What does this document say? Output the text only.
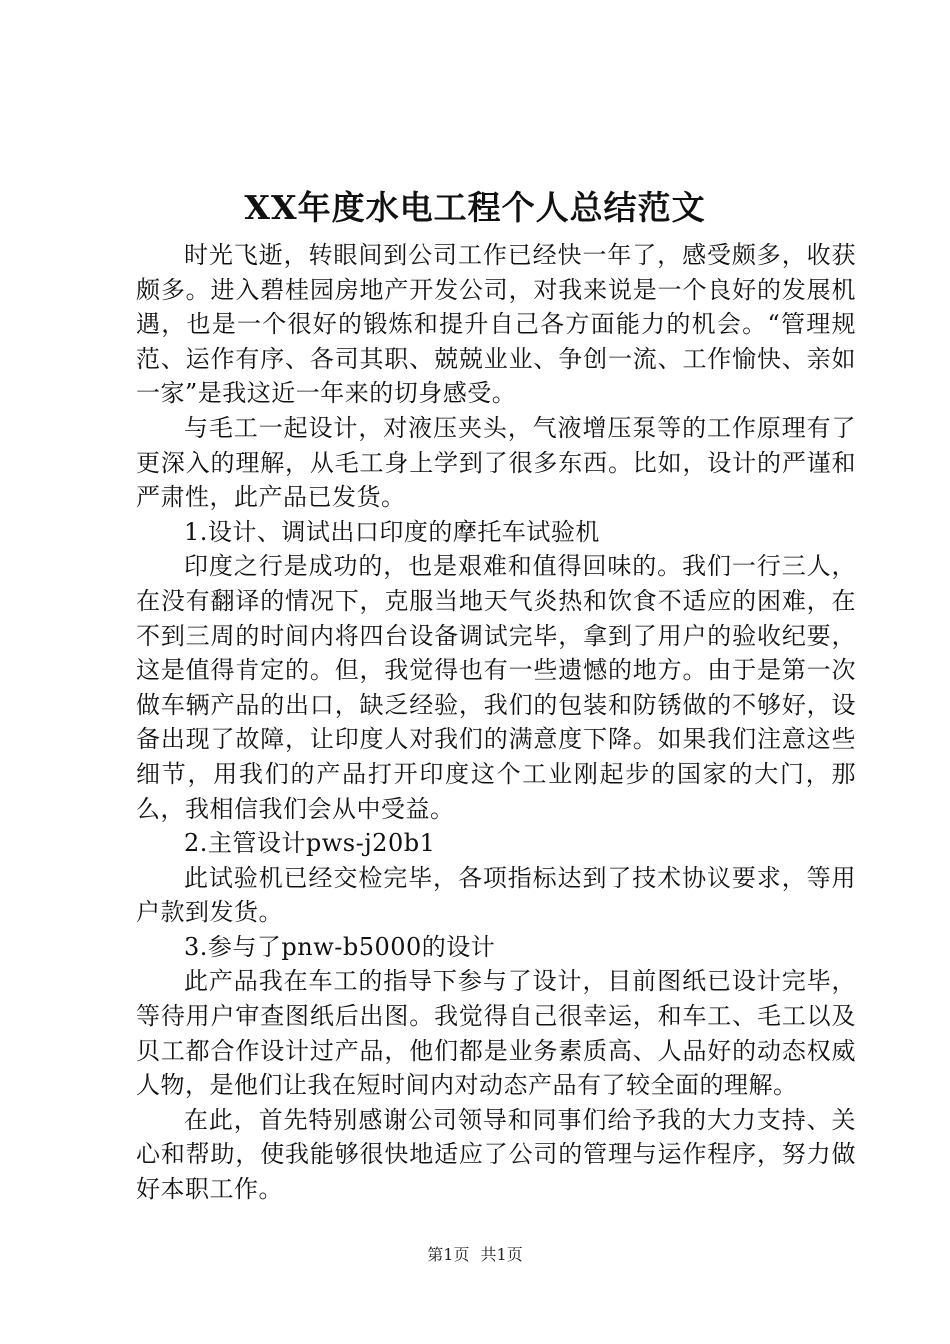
XX年度水电工程个人总结范文

时光飞逝，转眼间到公司工作已经快一年了，感受颇多，收获颇多。进入碧桂园房地产开发公司，对我来说是一个良好的发展机遇，也是一个很好的锻炼和提升自己各方面能力的机会。“管理规范、运作有序、各司其职、兢兢业业、争创一流、工作愉快、亲如一家”是我这近一年来的切身感受。

与毛工一起设计，对液压夹头，气液增压泵等的工作原理有了更深入的理解，从毛工身上学到了很多东西。比如，设计的严谨和严肃性，此产品已发货。

1.设计、调试出口印度的摩托车试验机

印度之行是成功的，也是艰难和值得回味的。我们一行三人，在没有翻译的情况下，克服当地天气炎热和饮食不适应的困难，在不到三周的时间内将四台设备调试完毕，拿到了用户的验收纪要，这是值得肯定的。但，我觉得也有一些遗憾的地方。由于是第一次做车辆产品的出口，缺乏经验，我们的包装和防锈做的不够好，设备出现了故障，让印度人对我们的满意度下降。如果我们注意这些细节，用我们的产品打开印度这个工业刚起步的国家的大门，那么，我相信我们会从中受益。

2.主管设计pws-j20b1

此试验机已经交检完毕，各项指标达到了技术协议要求，等用户款到发货。

3.参与了pnw-b5000的设计

此产品我在车工的指导下参与了设计，目前图纸已设计完毕，等待用户审查图纸后出图。我觉得自己很幸运，和车工、毛工以及贝工都合作设计过产品，他们都是业务素质高、人品好的动态权威人物，是他们让我在短时间内对动态产品有了较全面的理解。

在此，首先特别感谢公司领导和同事们给予我的大力支持、关心和帮助，使我能够很快地适应了公司的管理与运作程序，努力做好本职工作。

第1页 共1页
